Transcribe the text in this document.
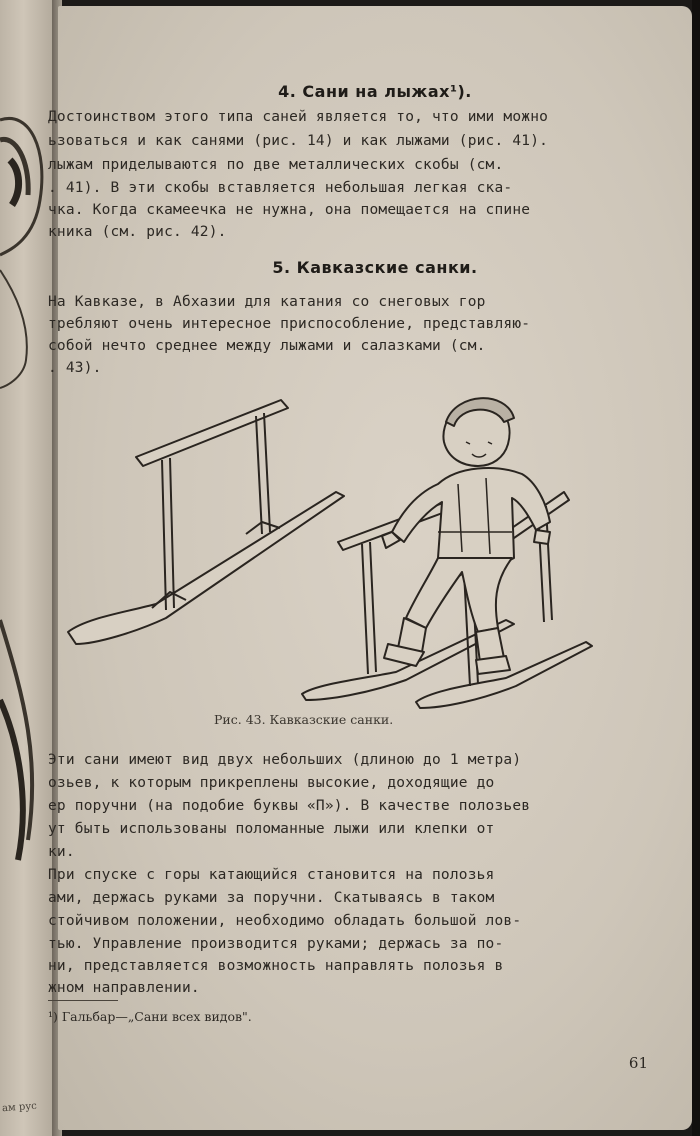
ам рус
4. Сани на лыжах¹).
Достоинством этого типа саней является то, что ими можно
ьзоваться и как санями (рис. 14) и как лыжами (рис. 41).
лыжам приделываются по две металлических скобы (см.
. 41). В эти скобы вставляется небольшая легкая ска-
чка. Когда скамеечка не нужна, она помещается на спине
кника (см. рис. 42).
5. Кавказские санки.
На Кавказе, в Абхазии для катания со снеговых гор
требляют очень интересное приспособление, представляю-
собой нечто среднее между лыжами и салазками (см.
. 43).
Рис. 43. Кавказские санки.
Эти сани имеют вид двух небольших (длиною до 1 метра)
озьев, к которым прикреплены высокие, доходящие до
ер поручни (на подобие буквы «П»). В качестве полозьев
ут быть использованы поломанные лыжи или клепки от
ки.
При спуске с горы катающийся становится на полозья
ами, держась руками за поручни. Скатываясь в таком
стойчивом положении, необходимо обладать большой лов-
тью. Управление производится руками; держась за по-
ни, представляется возможность направлять полозья в
жном направлении.
¹) Гальбар—„Сани всех видов".
61
